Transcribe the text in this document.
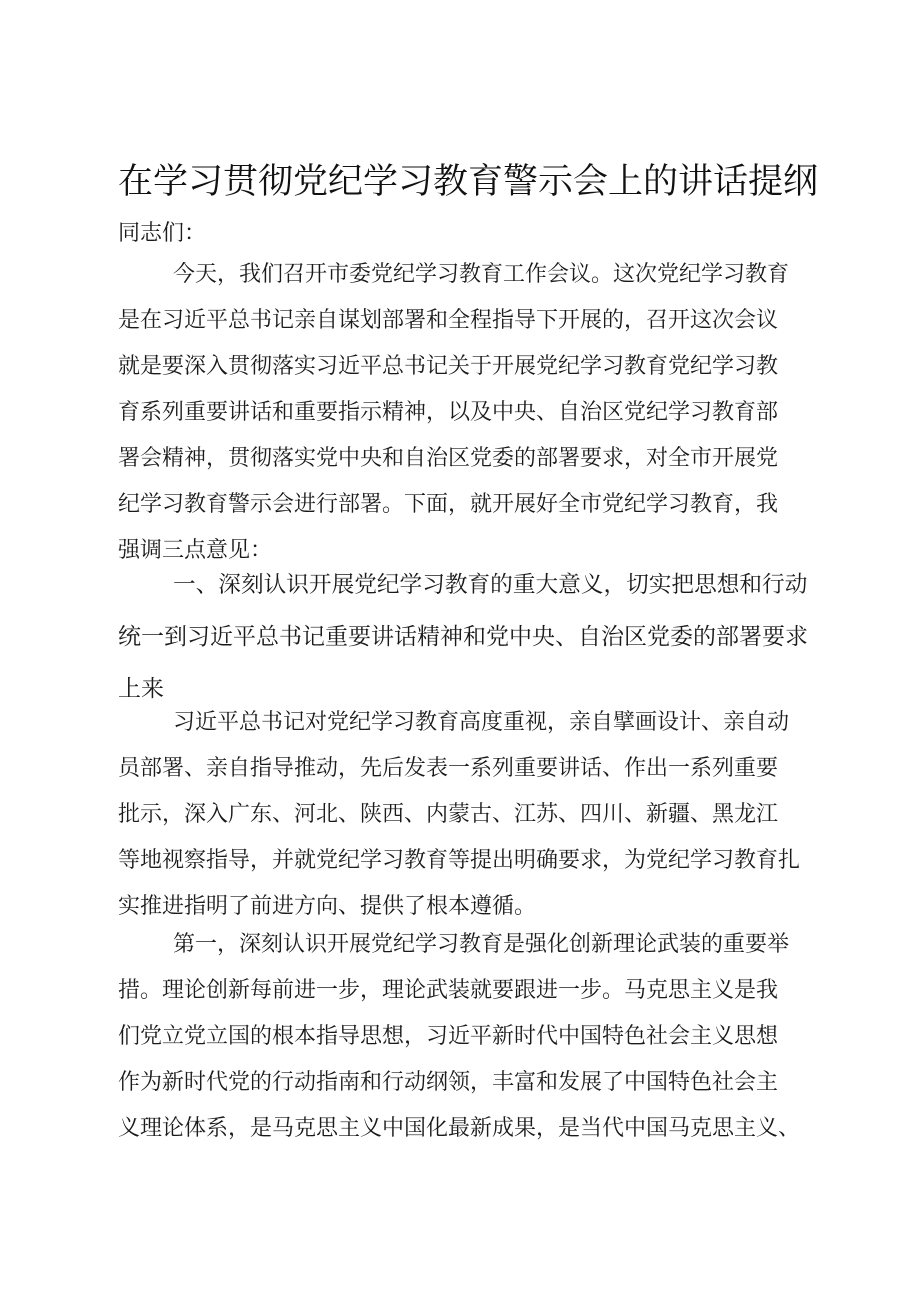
在学习贯彻党纪学习教育警示会上的讲话提纲
同志们：
今天，我们召开市委党纪学习教育工作会议。这次党纪学习教育
是在习近平总书记亲自谋划部署和全程指导下开展的，召开这次会议
就是要深入贯彻落实习近平总书记关于开展党纪学习教育党纪学习教
育系列重要讲话和重要指示精神，以及中央、自治区党纪学习教育部
署会精神，贯彻落实党中央和自治区党委的部署要求，对全市开展党
纪学习教育警示会进行部署。下面，就开展好全市党纪学习教育，我
强调三点意见：
一、深刻认识开展党纪学习教育的重大意义，切实把思想和行动
统一到习近平总书记重要讲话精神和党中央、自治区党委的部署要求
上来
习近平总书记对党纪学习教育高度重视，亲自擘画设计、亲自动
员部署、亲自指导推动，先后发表一系列重要讲话、作出一系列重要
批示，深入广东、河北、陕西、内蒙古、江苏、四川、新疆、黑龙江
等地视察指导，并就党纪学习教育等提出明确要求，为党纪学习教育扎
实推进指明了前进方向、提供了根本遵循。
第一，深刻认识开展党纪学习教育是强化创新理论武装的重要举
措。理论创新每前进一步，理论武装就要跟进一步。马克思主义是我
们党立党立国的根本指导思想，习近平新时代中国特色社会主义思想
作为新时代党的行动指南和行动纲领，丰富和发展了中国特色社会主
义理论体系，是马克思主义中国化最新成果，是当代中国马克思主义、
